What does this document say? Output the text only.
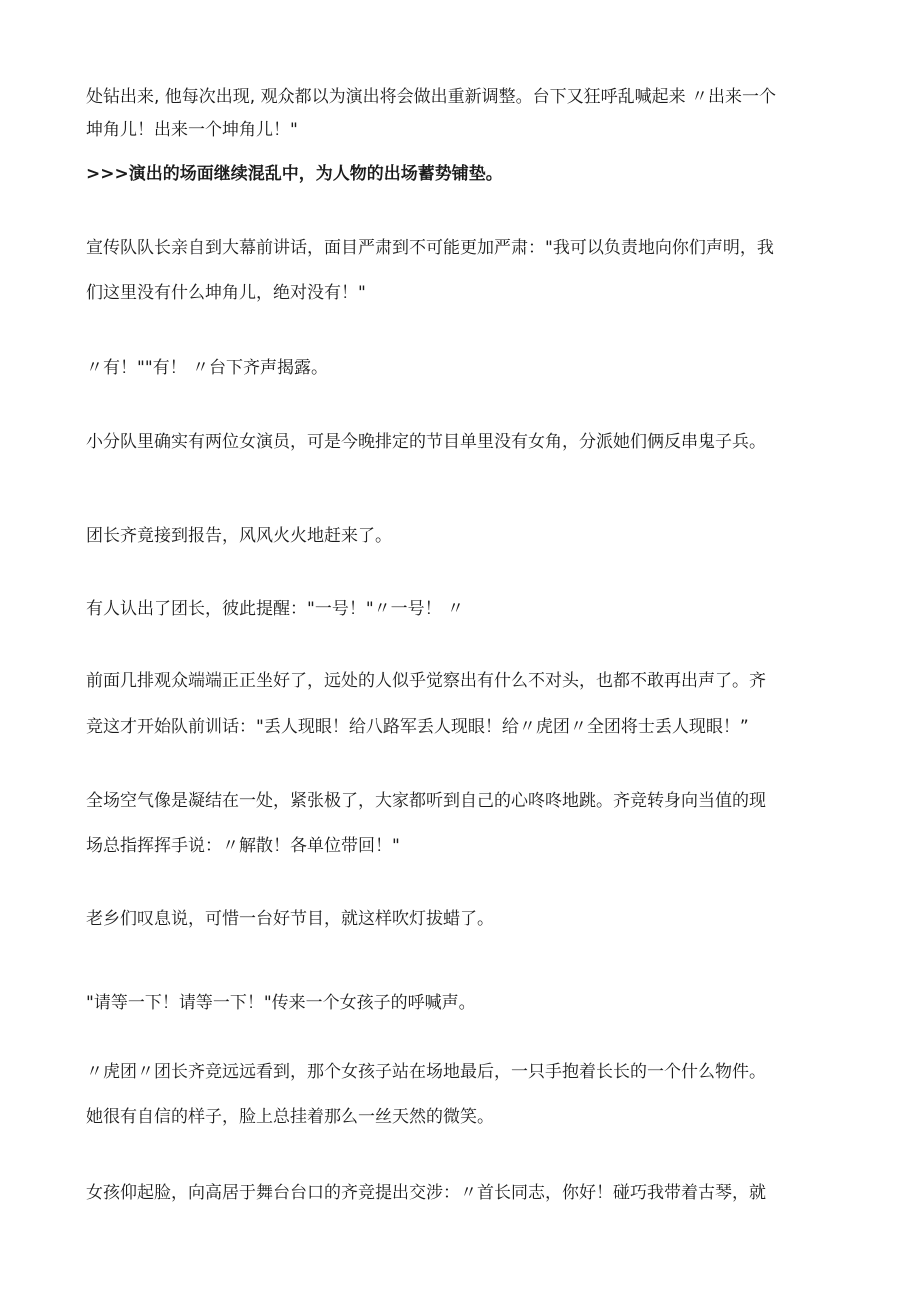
处钻出来, 他每次出现, 观众都以为演出将会做出重新调整。台下又狂呼乱喊起来 〃出来一个

坤角儿！出来一个坤角儿！"

>>>演出的场面继续混乱中，为人物的出场蓄势铺垫。

宣传队队长亲自到大幕前讲话，面目严肃到不可能更加严肃："我可以负责地向你们声明，我

们这里没有什么坤角儿，绝对没有！"

〃有！""有！ 〃台下齐声揭露。

小分队里确实有两位女演员，可是今晚排定的节目单里没有女角，分派她们俩反串鬼子兵。

团长齐竟接到报告，风风火火地赶来了。

有人认出了团长，彼此提醒："一号！"〃一号！ 〃

前面几排观众端端正正坐好了，远处的人似乎觉察出有什么不对头，也都不敢再出声了。齐

竞这才开始队前训话："丢人现眼！给八路军丢人现眼！给〃虎团〃全团将士丢人现眼！”

全场空气像是凝结在一处，紧张极了，大家都听到自己的心咚咚地跳。齐竞转身向当值的现

场总指挥挥手说：〃解散！各单位带回！"

老乡们叹息说，可惜一台好节目，就这样吹灯拔蜡了。

"请等一下！请等一下！"传来一个女孩子的呼喊声。

〃虎团〃团长齐竞远远看到，那个女孩子站在场地最后，一只手抱着长长的一个什么物件。

她很有自信的样子，脸上总挂着那么一丝天然的微笑。

女孩仰起脸，向高居于舞台台口的齐竞提出交涉：〃首长同志，你好！碰巧我带着古琴，就
